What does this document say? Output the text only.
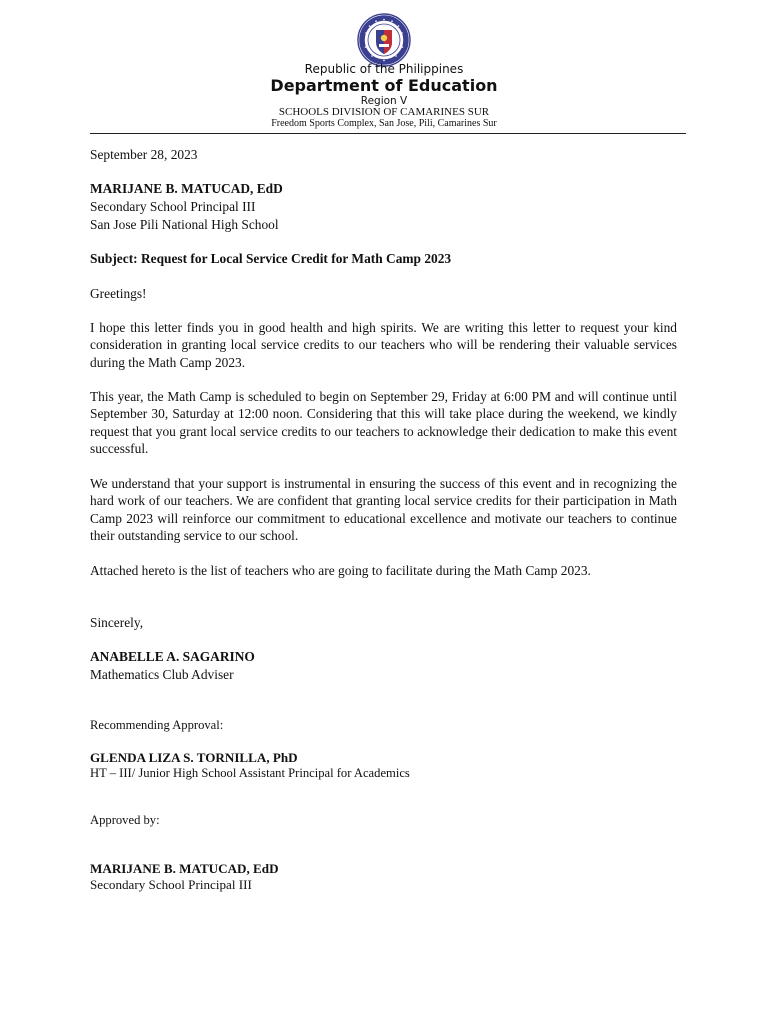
Republic of the Philippines
Department of Education
Region V
SCHOOLS DIVISION OF CAMARINES SUR
Freedom Sports Complex, San Jose, Pili, Camarines Sur
September 28, 2023
MARIJANE B. MATUCAD, EdD
Secondary School Principal III
San Jose Pili National High School
Subject: Request for Local Service Credit for Math Camp 2023
Greetings!
I hope this letter finds you in good health and high spirits. We are writing this letter to request your kind consideration in granting local service credits to our teachers who will be rendering their valuable services during the Math Camp 2023.
This year, the Math Camp is scheduled to begin on September 29, Friday at 6:00 PM and will continue until September 30, Saturday at 12:00 noon. Considering that this will take place during the weekend, we kindly request that you grant local service credits to our teachers to acknowledge their dedication to make this event successful.
We understand that your support is instrumental in ensuring the success of this event and in recognizing the hard work of our teachers. We are confident that granting local service credits for their participation in Math Camp 2023 will reinforce our commitment to educational excellence and motivate our teachers to continue their outstanding service to our school.
Attached hereto is the list of teachers who are going to facilitate during the Math Camp 2023.
Sincerely,
ANABELLE A. SAGARINO
Mathematics Club Adviser
Recommending Approval:
GLENDA LIZA S. TORNILLA, PhD
HT – III/ Junior High School Assistant Principal for Academics
Approved by:
MARIJANE B. MATUCAD, EdD
Secondary School Principal III
